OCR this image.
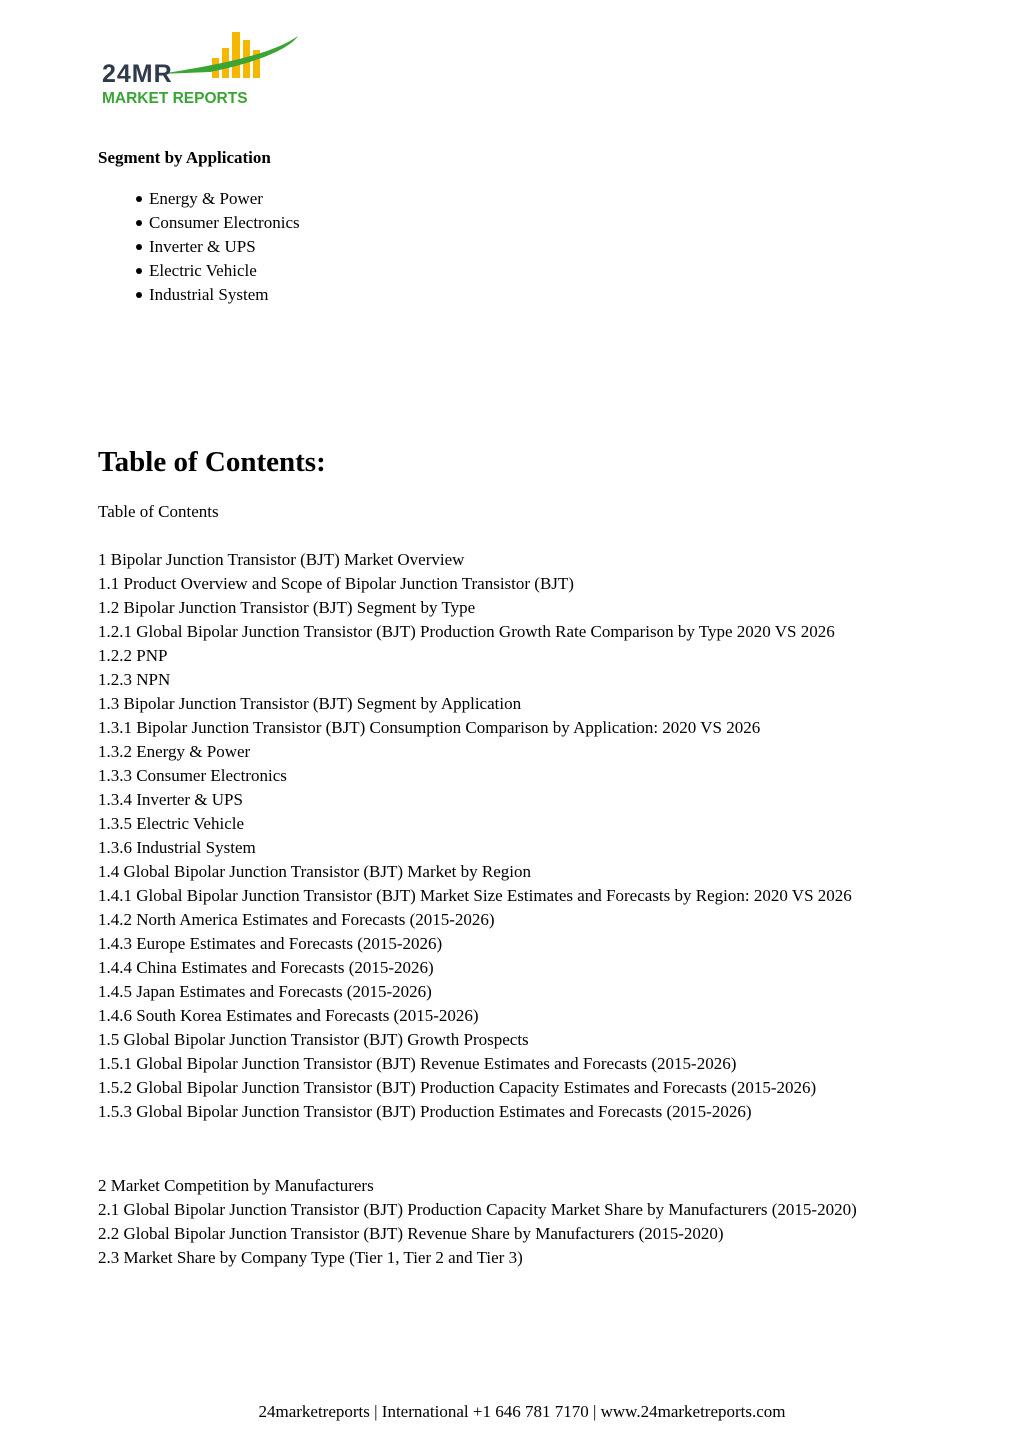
24MR
MARKET REPORTS

Segment by Application

Energy & Power
Consumer Electronics
Inverter & UPS
Electric Vehicle
Industrial System
Table of Contents:

Table of Contents

1 Bipolar Junction Transistor (BJT) Market Overview
1.1 Product Overview and Scope of Bipolar Junction Transistor (BJT)
1.2 Bipolar Junction Transistor (BJT) Segment by Type
1.2.1 Global Bipolar Junction Transistor (BJT) Production Growth Rate Comparison by Type 2020 VS 2026
1.2.2 PNP
1.2.3 NPN
1.3 Bipolar Junction Transistor (BJT) Segment by Application
1.3.1 Bipolar Junction Transistor (BJT) Consumption Comparison by Application: 2020 VS 2026
1.3.2 Energy & Power
1.3.3 Consumer Electronics
1.3.4 Inverter & UPS
1.3.5 Electric Vehicle
1.3.6 Industrial System
1.4 Global Bipolar Junction Transistor (BJT) Market by Region
1.4.1 Global Bipolar Junction Transistor (BJT) Market Size Estimates and Forecasts by Region: 2020 VS 2026
1.4.2 North America Estimates and Forecasts (2015-2026)
1.4.3 Europe Estimates and Forecasts (2015-2026)
1.4.4 China Estimates and Forecasts (2015-2026)
1.4.5 Japan Estimates and Forecasts (2015-2026)
1.4.6 South Korea Estimates and Forecasts (2015-2026)
1.5 Global Bipolar Junction Transistor (BJT) Growth Prospects
1.5.1 Global Bipolar Junction Transistor (BJT) Revenue Estimates and Forecasts (2015-2026)
1.5.2 Global Bipolar Junction Transistor (BJT) Production Capacity Estimates and Forecasts (2015-2026)
1.5.3 Global Bipolar Junction Transistor (BJT) Production Estimates and Forecasts (2015-2026)
2 Market Competition by Manufacturers
2.1 Global Bipolar Junction Transistor (BJT) Production Capacity Market Share by Manufacturers (2015-2020)
2.2 Global Bipolar Junction Transistor (BJT) Revenue Share by Manufacturers (2015-2020)
2.3 Market Share by Company Type (Tier 1, Tier 2 and Tier 3)
24marketreports | International +1 646 781 7170 | www.24marketreports.com
